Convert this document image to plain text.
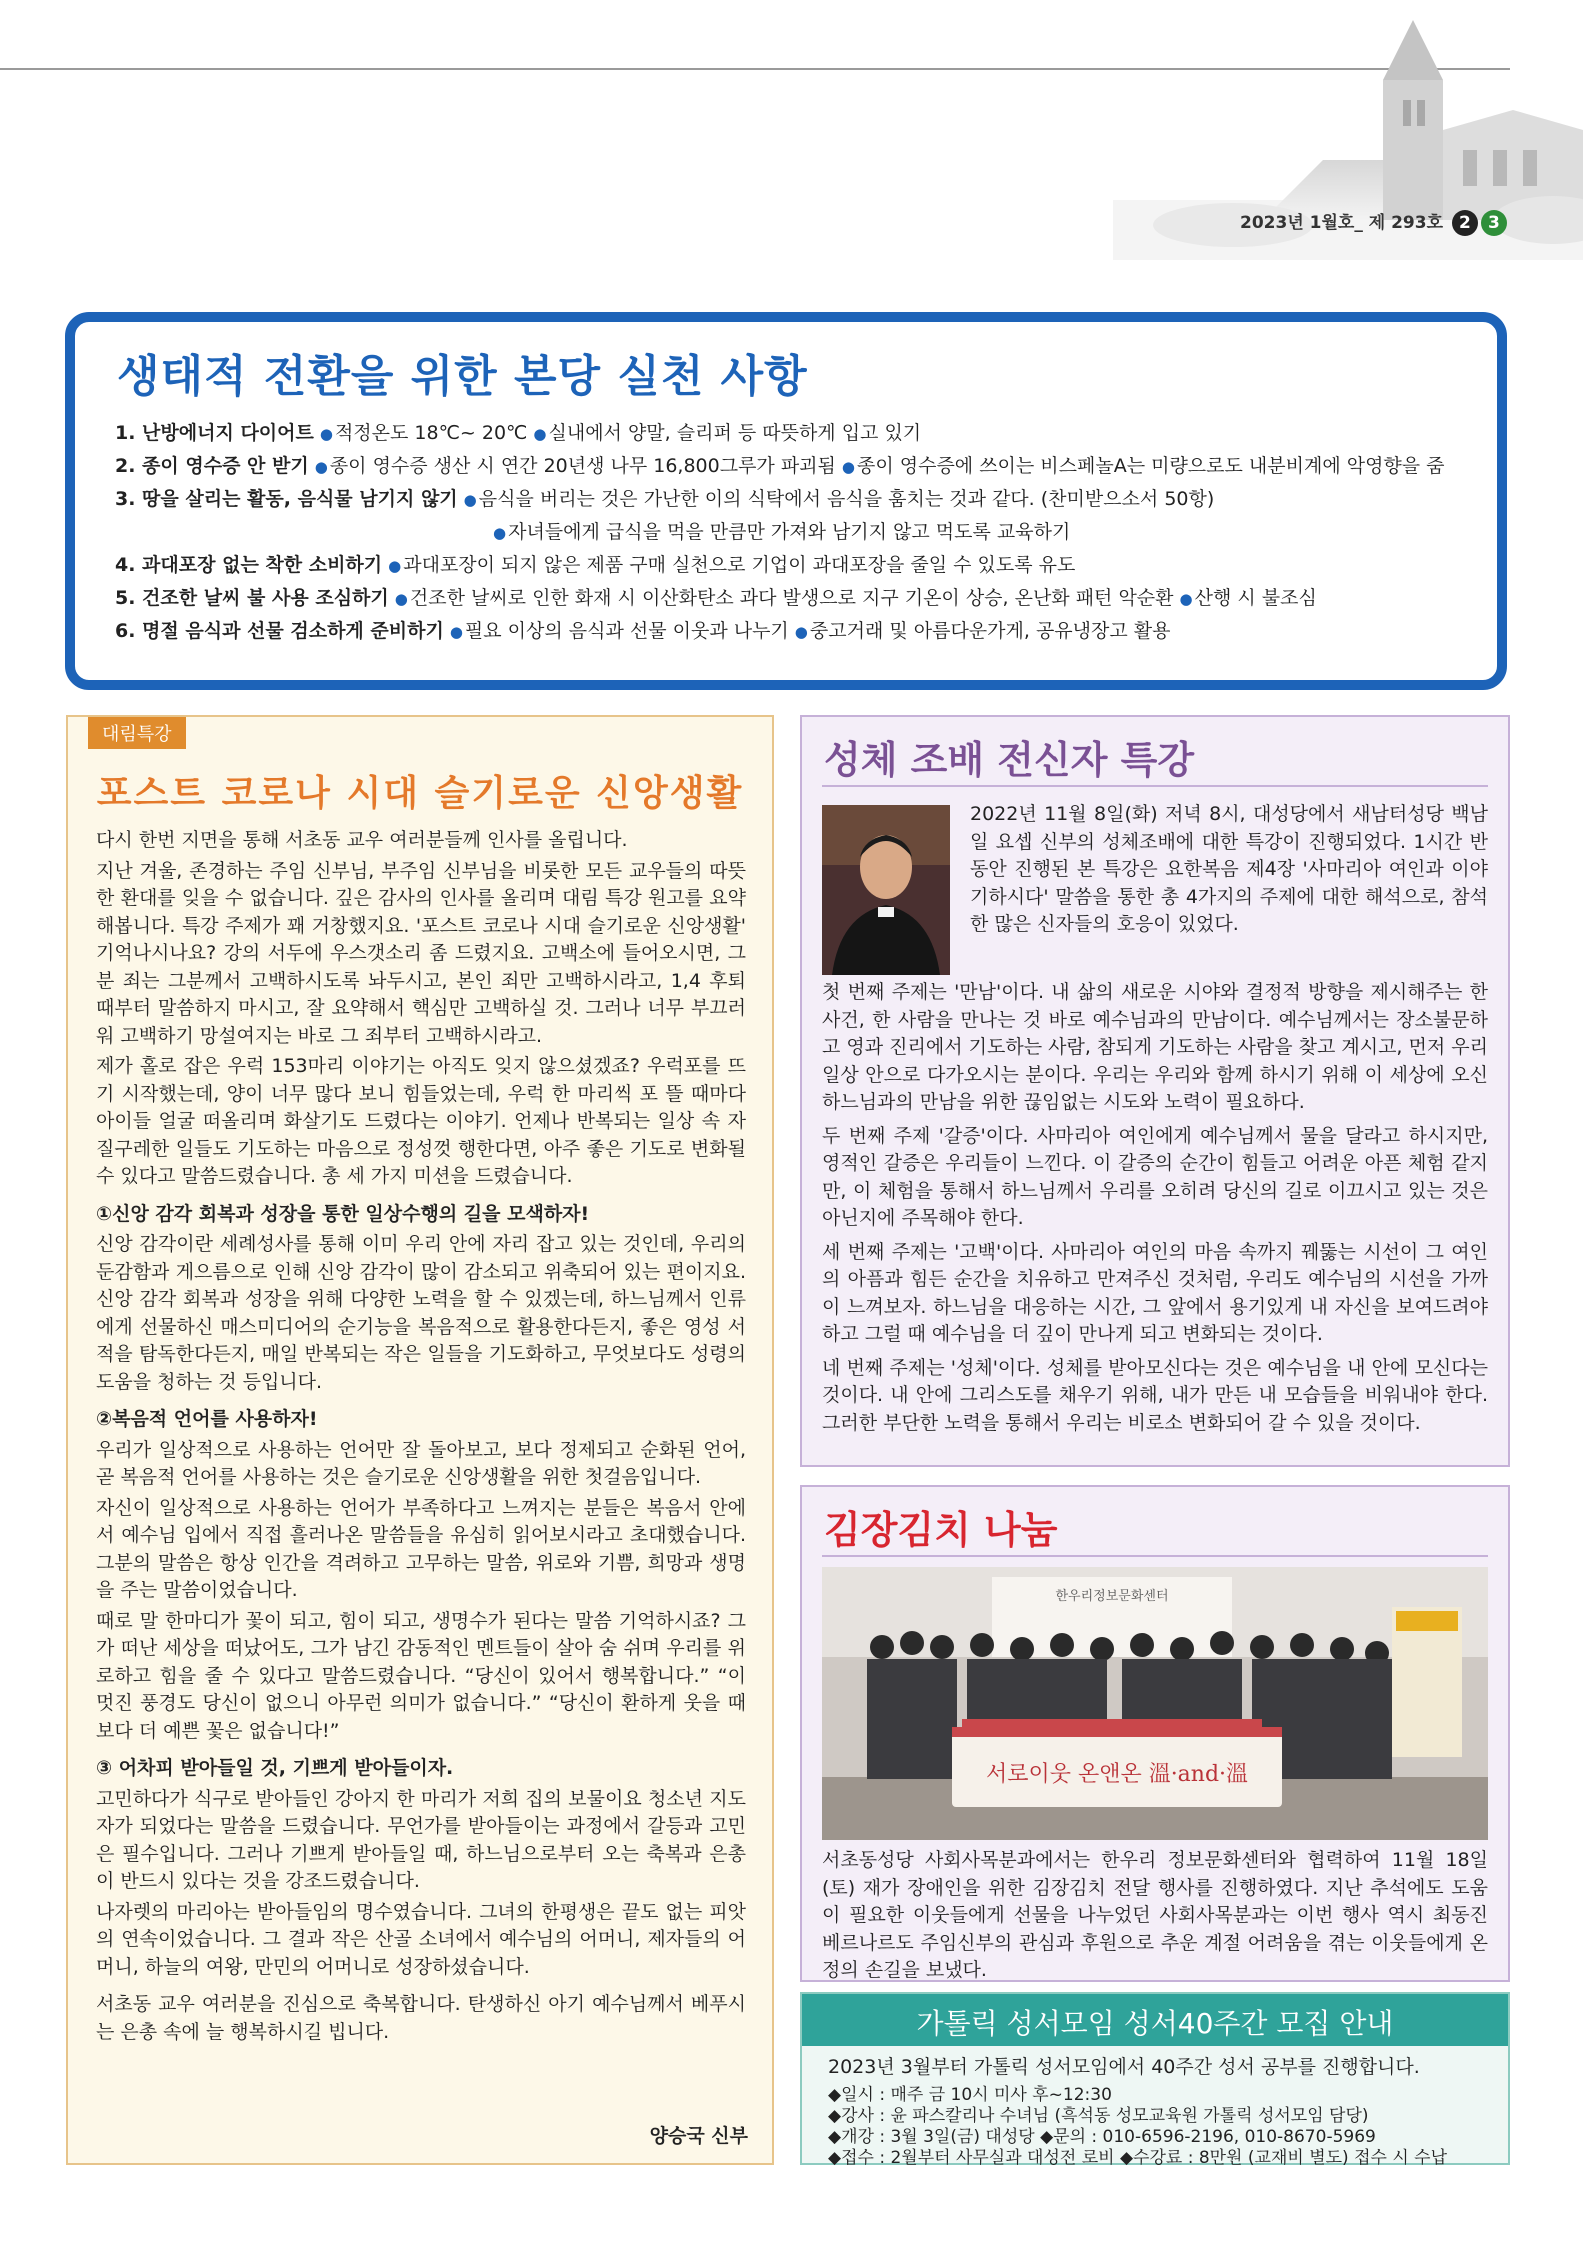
2023년 1월호_ 제 293호 2 3
생태적 전환을 위한 본당 실천 사항
1. 난방에너지 다이어트 ● 적정온도 18℃~ 20℃ ● 실내에서 양말, 슬리퍼 등 따뜻하게 입고 있기
2. 종이 영수증 안 받기 ● 종이 영수증 생산 시 연간 20년생 나무 16,800그루가 파괴됨 ● 종이 영수증에 쓰이는 비스페놀A는 미량으로도 내분비계에 악영향을 줌
3. 땅을 살리는 활동, 음식물 남기지 않기 ● 음식을 버리는 것은 가난한 이의 식탁에서 음식을 훔치는 것과 같다. (찬미받으소서 50항)
● 자녀들에게 급식을 먹을 만큼만 가져와 남기지 않고 먹도록 교육하기
4. 과대포장 없는 착한 소비하기 ● 과대포장이 되지 않은 제품 구매 실천으로 기업이 과대포장을 줄일 수 있도록 유도
5. 건조한 날씨 불 사용 조심하기 ● 건조한 날씨로 인한 화재 시 이산화탄소 과다 발생으로 지구 기온이 상승, 온난화 패턴 악순환 ● 산행 시 불조심
6. 명절 음식과 선물 검소하게 준비하기 ● 필요 이상의 음식과 선물 이웃과 나누기 ● 중고거래 및 아름다운가게, 공유냉장고 활용
대림특강
포스트 코로나 시대 슬기로운 신앙생활

다시 한번 지면을 통해 서초동 교우 여러분들께 인사를 올립니다.

지난 겨울, 존경하는 주임 신부님, 부주임 신부님을 비롯한 모든 교우들의 따뜻한 환대를 잊을 수 없습니다. 깊은 감사의 인사를 올리며 대림 특강 원고를 요약해봅니다. 특강 주제가 꽤 거창했지요. '포스트 코로나 시대 슬기로운 신앙생활' 기억나시나요? 강의 서두에 우스갯소리 좀 드렸지요. 고백소에 들어오시면, 그분 죄는 그분께서 고백하시도록 놔두시고, 본인 죄만 고백하시라고, 1,4 후퇴 때부터 말씀하지 마시고, 잘 요약해서 핵심만 고백하실 것. 그러나 너무 부끄러워 고백하기 망설여지는 바로 그 죄부터 고백하시라고.

제가 홀로 잡은 우럭 153마리 이야기는 아직도 잊지 않으셨겠죠? 우럭포를 뜨기 시작했는데, 양이 너무 많다 보니 힘들었는데, 우럭 한 마리씩 포 뜰 때마다 아이들 얼굴 떠올리며 화살기도 드렸다는 이야기. 언제나 반복되는 일상 속 자질구레한 일들도 기도하는 마음으로 정성껏 행한다면, 아주 좋은 기도로 변화될 수 있다고 말씀드렸습니다. 총 세 가지 미션을 드렸습니다.

①신앙 감각 회복과 성장을 통한 일상수행의 길을 모색하자!

신앙 감각이란 세례성사를 통해 이미 우리 안에 자리 잡고 있는 것인데, 우리의 둔감함과 게으름으로 인해 신앙 감각이 많이 감소되고 위축되어 있는 편이지요. 신앙 감각 회복과 성장을 위해 다양한 노력을 할 수 있겠는데, 하느님께서 인류에게 선물하신 매스미디어의 순기능을 복음적으로 활용한다든지, 좋은 영성 서적을 탐독한다든지, 매일 반복되는 작은 일들을 기도화하고, 무엇보다도 성령의 도움을 청하는 것 등입니다.

②복음적 언어를 사용하자!

우리가 일상적으로 사용하는 언어만 잘 돌아보고, 보다 정제되고 순화된 언어, 곧 복음적 언어를 사용하는 것은 슬기로운 신앙생활을 위한 첫걸음입니다.

자신이 일상적으로 사용하는 언어가 부족하다고 느껴지는 분들은 복음서 안에서 예수님 입에서 직접 흘러나온 말씀들을 유심히 읽어보시라고 초대했습니다. 그분의 말씀은 항상 인간을 격려하고 고무하는 말씀, 위로와 기쁨, 희망과 생명을 주는 말씀이었습니다.

때로 말 한마디가 꽃이 되고, 힘이 되고, 생명수가 된다는 말씀 기억하시죠? 그가 떠난 세상을 떠났어도, 그가 남긴 감동적인 멘트들이 살아 숨 쉬며 우리를 위로하고 힘을 줄 수 있다고 말씀드렸습니다. “당신이 있어서 행복합니다.” “이 멋진 풍경도 당신이 없으니 아무런 의미가 없습니다.” “당신이 환하게 웃을 때 보다 더 예쁜 꽃은 없습니다!”

③ 어차피 받아들일 것, 기쁘게 받아들이자.

고민하다가 식구로 받아들인 강아지 한 마리가 저희 집의 보물이요 청소년 지도자가 되었다는 말씀을 드렸습니다. 무언가를 받아들이는 과정에서 갈등과 고민은 필수입니다. 그러나 기쁘게 받아들일 때, 하느님으로부터 오는 축복과 은총이 반드시 있다는 것을 강조드렸습니다.

나자렛의 마리아는 받아들임의 명수였습니다. 그녀의 한평생은 끝도 없는 피앗의 연속이었습니다. 그 결과 작은 산골 소녀에서 예수님의 어머니, 제자들의 어머니, 하늘의 여왕, 만민의 어머니로 성장하셨습니다.

서초동 교우 여러분을 진심으로 축복합니다. 탄생하신 아기 예수님께서 베푸시는 은총 속에 늘 행복하시길 빕니다.

양승국 신부
성체 조배 전신자 특강
2022년 11월 8일(화) 저녁 8시, 대성당에서 새남터성당 백남일 요셉 신부의 성체조배에 대한 특강이 진행되었다. 1시간 반 동안 진행된 본 특강은 요한복음 제4장 '사마리아 여인과 이야기하시다' 말씀을 통한 총 4가지의 주제에 대한 해석으로, 참석한 많은 신자들의 호응이 있었다.

첫 번째 주제는 '만남'이다. 내 삶의 새로운 시야와 결정적 방향을 제시해주는 한 사건, 한 사람을 만나는 것 바로 예수님과의 만남이다. 예수님께서는 장소불문하고 영과 진리에서 기도하는 사람, 참되게 기도하는 사람을 찾고 계시고, 먼저 우리 일상 안으로 다가오시는 분이다. 우리는 우리와 함께 하시기 위해 이 세상에 오신 하느님과의 만남을 위한 끊임없는 시도와 노력이 필요하다.

두 번째 주제 '갈증'이다. 사마리아 여인에게 예수님께서 물을 달라고 하시지만, 영적인 갈증은 우리들이 느낀다. 이 갈증의 순간이 힘들고 어려운 아픈 체험 같지만, 이 체험을 통해서 하느님께서 우리를 오히려 당신의 길로 이끄시고 있는 것은 아닌지에 주목해야 한다.

세 번째 주제는 '고백'이다. 사마리아 여인의 마음 속까지 꿰뚫는 시선이 그 여인의 아픔과 힘든 순간을 치유하고 만져주신 것처럼, 우리도 예수님의 시선을 가까이 느껴보자. 하느님을 대응하는 시간, 그 앞에서 용기있게 내 자신을 보여드려야 하고 그럴 때 예수님을 더 깊이 만나게 되고 변화되는 것이다.

네 번째 주제는 '성체'이다. 성체를 받아모신다는 것은 예수님을 내 안에 모신다는 것이다. 내 안에 그리스도를 채우기 위해, 내가 만든 내 모습들을 비워내야 한다. 그러한 부단한 노력을 통해서 우리는 비로소 변화되어 갈 수 있을 것이다.

김장김치 나눔
서로이웃 온앤온 溫·and·溫
한우리정보문화센터
서초동성당 사회사목분과에서는 한우리 정보문화센터와 협력하여 11월 18일(토) 재가 장애인을 위한 김장김치 전달 행사를 진행하였다. 지난 추석에도 도움이 필요한 이웃들에게 선물을 나누었던 사회사목분과는 이번 행사 역시 최동진 베르나르도 주임신부의 관심과 후원으로 추운 계절 어려움을 겪는 이웃들에게 온정의 손길을 보냈다.
가톨릭 성서모임 성서40주간 모집 안내
2023년 3월부터 가톨릭 성서모임에서 40주간 성서 공부를 진행합니다.
◆일시 : 매주 금 10시 미사 후~12:30
◆강사 : 윤 파스칼리나 수녀님 (흑석동 성모교육원 가톨릭 성서모임 담당)
◆개강 : 3월 3일(금) 대성당 ◆문의 : 010-6596-2196, 010-8670-5969
◆접수 : 2월부터 사무실과 대성전 로비 ◆수강료 : 8만원 (교재비 별도) 접수 시 수납
